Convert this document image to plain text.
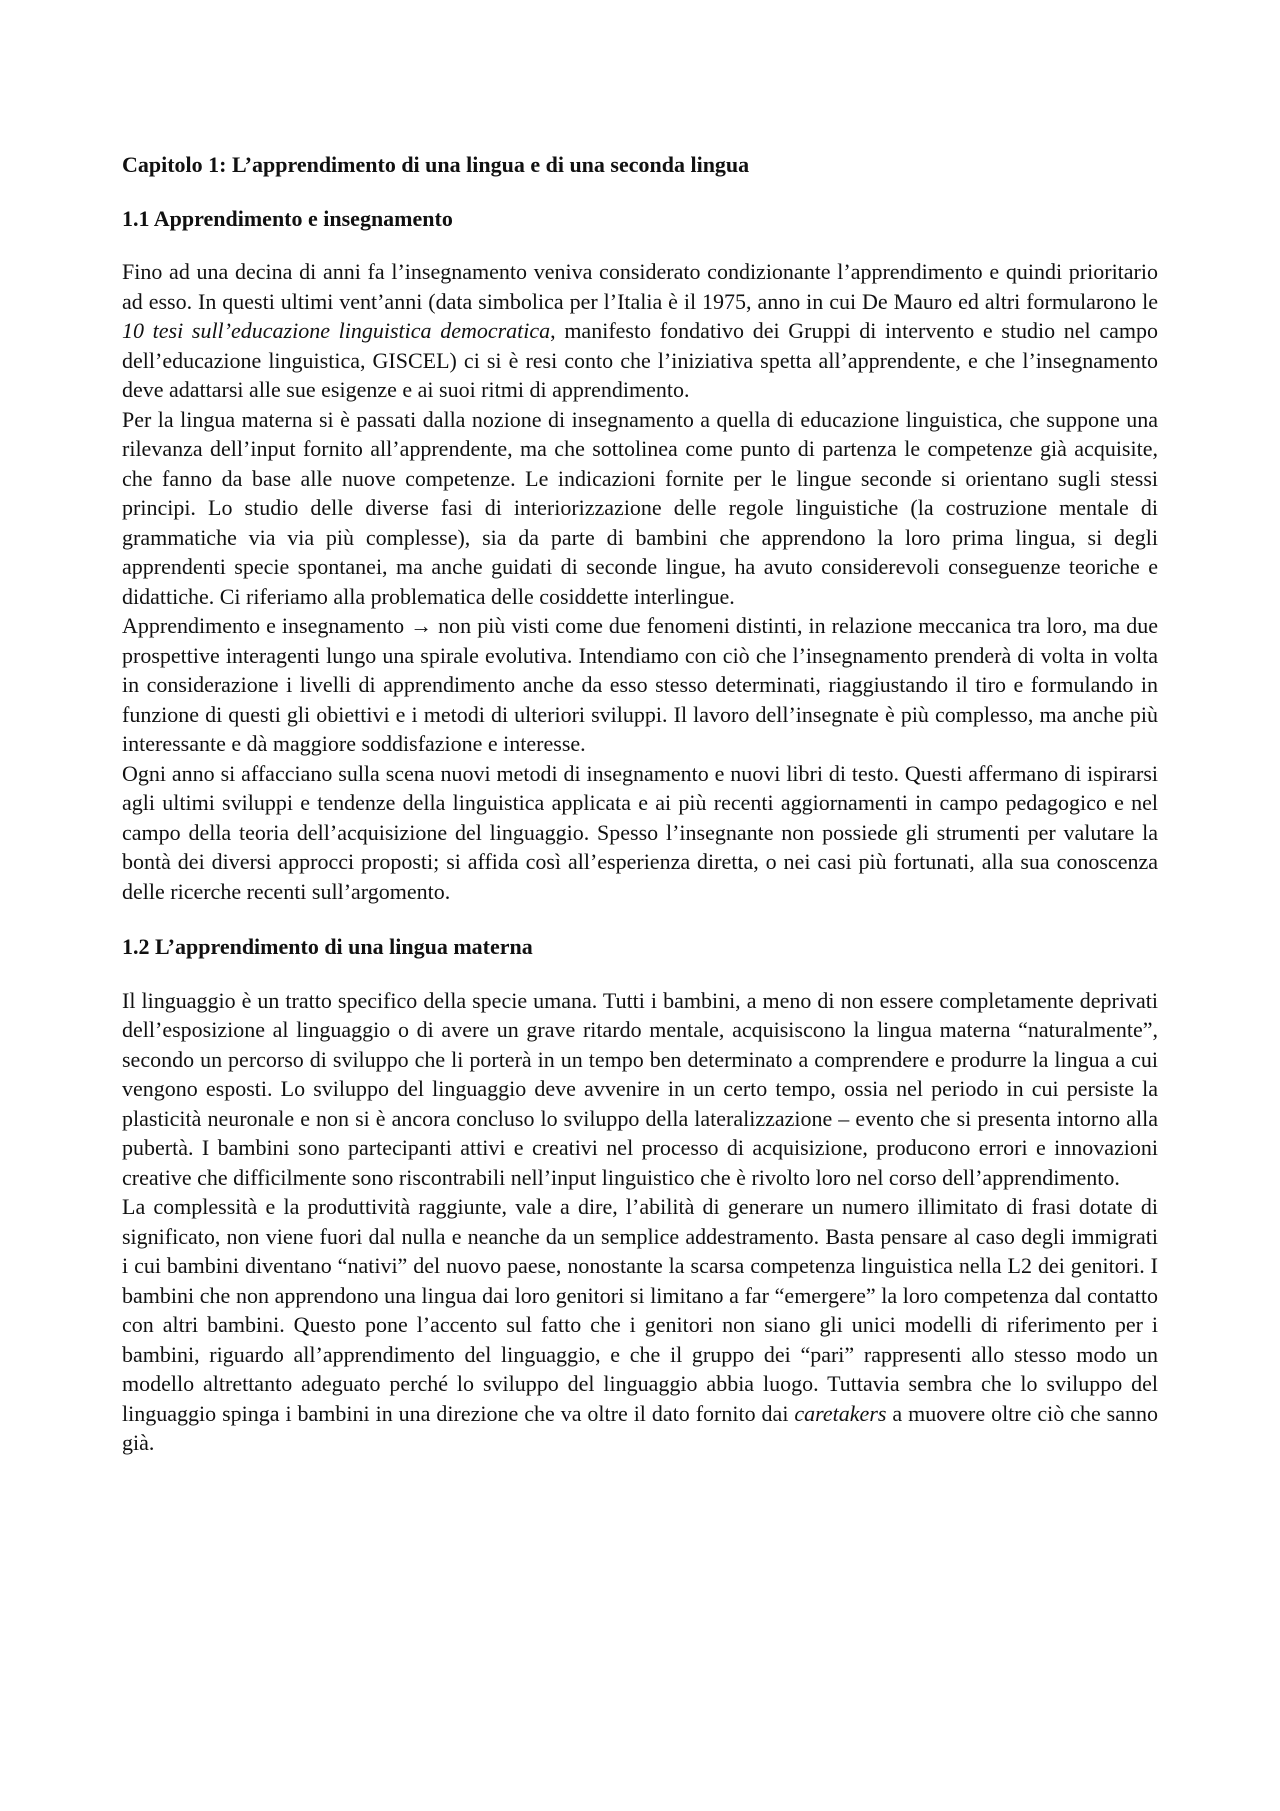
Capitolo 1: L’apprendimento di una lingua e di una seconda lingua

1.1 Apprendimento e insegnamento

Fino ad una decina di anni fa l’insegnamento veniva considerato condizionante l’apprendimento e quindi prioritario ad esso. In questi ultimi vent’anni (data simbolica per l’Italia è il 1975, anno in cui De Mauro ed altri formularono le 10 tesi sull’educazione linguistica democratica, manifesto fondativo dei Gruppi di intervento e studio nel campo dell’educazione linguistica, GISCEL) ci si è resi conto che l’iniziativa spetta all’apprendente, e che l’insegnamento deve adattarsi alle sue esigenze e ai suoi ritmi di apprendimento.

Per la lingua materna si è passati dalla nozione di insegnamento a quella di educazione linguistica, che suppone una rilevanza dell’input fornito all’apprendente, ma che sottolinea come punto di partenza le competenze già acquisite, che fanno da base alle nuove competenze. Le indicazioni fornite per le lingue seconde si orientano sugli stessi principi. Lo studio delle diverse fasi di interiorizzazione delle regole linguistiche (la costruzione mentale di grammatiche via via più complesse), sia da parte di bambini che apprendono la loro prima lingua, si degli apprendenti specie spontanei, ma anche guidati di seconde lingue, ha avuto considerevoli conseguenze teoriche e didattiche. Ci riferiamo alla problematica delle cosiddette interlingue.

Apprendimento e insegnamento → non più visti come due fenomeni distinti, in relazione meccanica tra loro, ma due prospettive interagenti lungo una spirale evolutiva. Intendiamo con ciò che l’insegnamento prenderà di volta in volta in considerazione i livelli di apprendimento anche da esso stesso determinati, riaggiustando il tiro e formulando in funzione di questi gli obiettivi e i metodi di ulteriori sviluppi. Il lavoro dell’insegnate è più complesso, ma anche più interessante e dà maggiore soddisfazione e interesse.

Ogni anno si affacciano sulla scena nuovi metodi di insegnamento e nuovi libri di testo. Questi affermano di ispirarsi agli ultimi sviluppi e tendenze della linguistica applicata e ai più recenti aggiornamenti in campo pedagogico e nel campo della teoria dell’acquisizione del linguaggio. Spesso l’insegnante non possiede gli strumenti per valutare la bontà dei diversi approcci proposti; si affida così all’esperienza diretta, o nei casi più fortunati, alla sua conoscenza delle ricerche recenti sull’argomento.

1.2 L’apprendimento di una lingua materna

Il linguaggio è un tratto specifico della specie umana. Tutti i bambini, a meno di non essere completamente deprivati dell’esposizione al linguaggio o di avere un grave ritardo mentale, acquisiscono la lingua materna “naturalmente”, secondo un percorso di sviluppo che li porterà in un tempo ben determinato a comprendere e produrre la lingua a cui vengono esposti. Lo sviluppo del linguaggio deve avvenire in un certo tempo, ossia nel periodo in cui persiste la plasticità neuronale e non si è ancora concluso lo sviluppo della lateralizzazione – evento che si presenta intorno alla pubertà. I bambini sono partecipanti attivi e creativi nel processo di acquisizione, producono errori e innovazioni creative che difficilmente sono riscontrabili nell’input linguistico che è rivolto loro nel corso dell’apprendimento.

La complessità e la produttività raggiunte, vale a dire, l’abilità di generare un numero illimitato di frasi dotate di significato, non viene fuori dal nulla e neanche da un semplice addestramento. Basta pensare al caso degli immigrati i cui bambini diventano “nativi” del nuovo paese, nonostante la scarsa competenza linguistica nella L2 dei genitori. I bambini che non apprendono una lingua dai loro genitori si limitano a far “emergere” la loro competenza dal contatto con altri bambini. Questo pone l’accento sul fatto che i genitori non siano gli unici modelli di riferimento per i bambini, riguardo all’apprendimento del linguaggio, e che il gruppo dei “pari” rappresenti allo stesso modo un modello altrettanto adeguato perché lo sviluppo del linguaggio abbia luogo. Tuttavia sembra che lo sviluppo del linguaggio spinga i bambini in una direzione che va oltre il dato fornito dai caretakers a muovere oltre ciò che sanno già.
